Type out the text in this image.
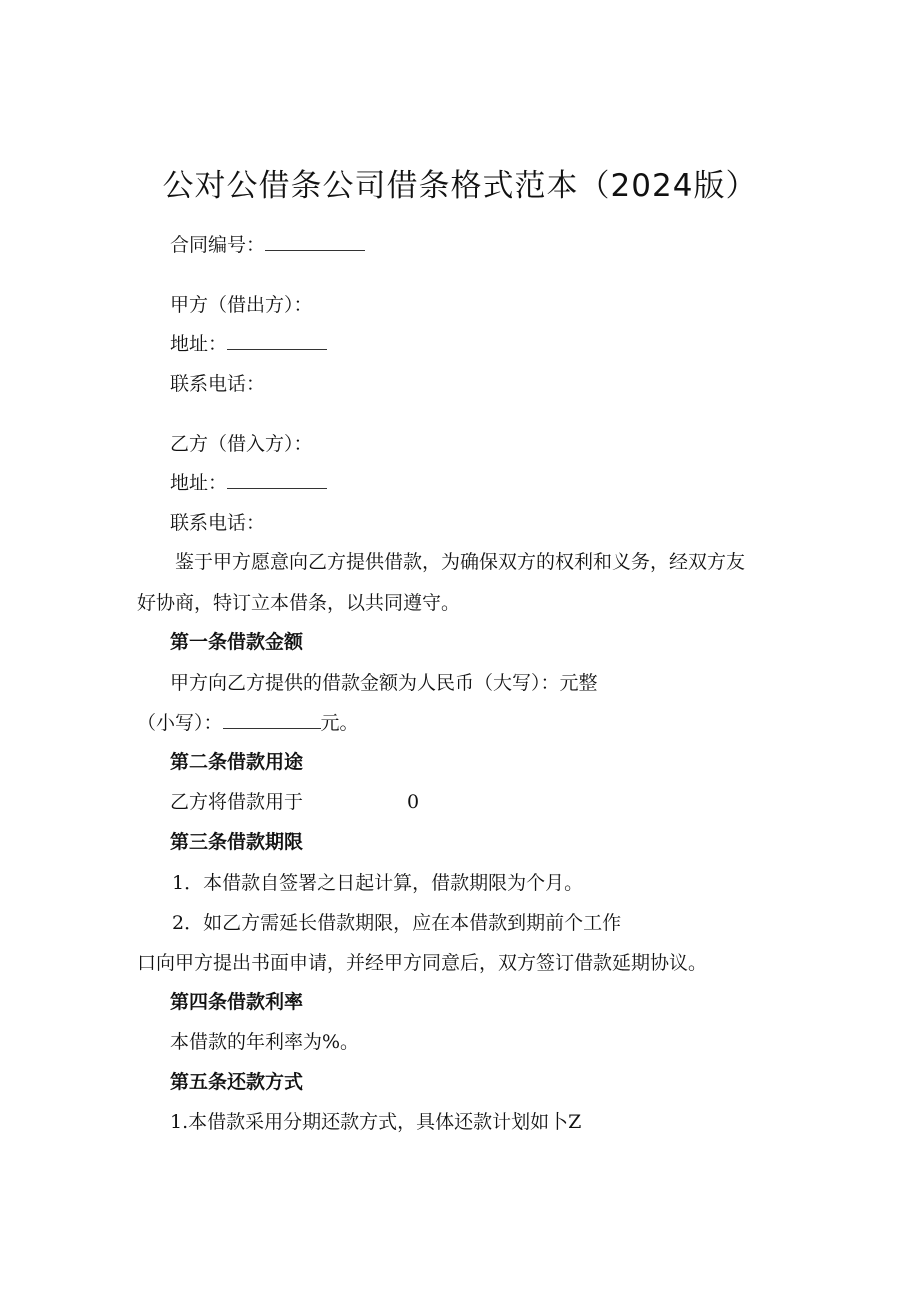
公对公借条公司借条格式范本（2024版）
合同编号：
甲方（借出方）：
地址：
联系电话：
乙方（借入方）：
地址：
联系电话：
鉴于甲方愿意向乙方提供借款，为确保双方的权利和义务，经双方友
好协商，特订立本借条，以共同遵守。
第一条借款金额
甲方向乙方提供的借款金额为人民币（大写）：元整
（小写）：	元。
第二条借款用途
乙方将借款用于	0
第三条借款期限
1．本借款自签署之日起计算，借款期限为个月。
2．如乙方需延长借款期限，应在本借款到期前个工作
口向甲方提出书面申请，并经甲方同意后，双方签订借款延期协议。
第四条借款利率
本借款的年利率为%。
第五条还款方式
1.本借款采用分期还款方式，具体还款计划如卜Z
